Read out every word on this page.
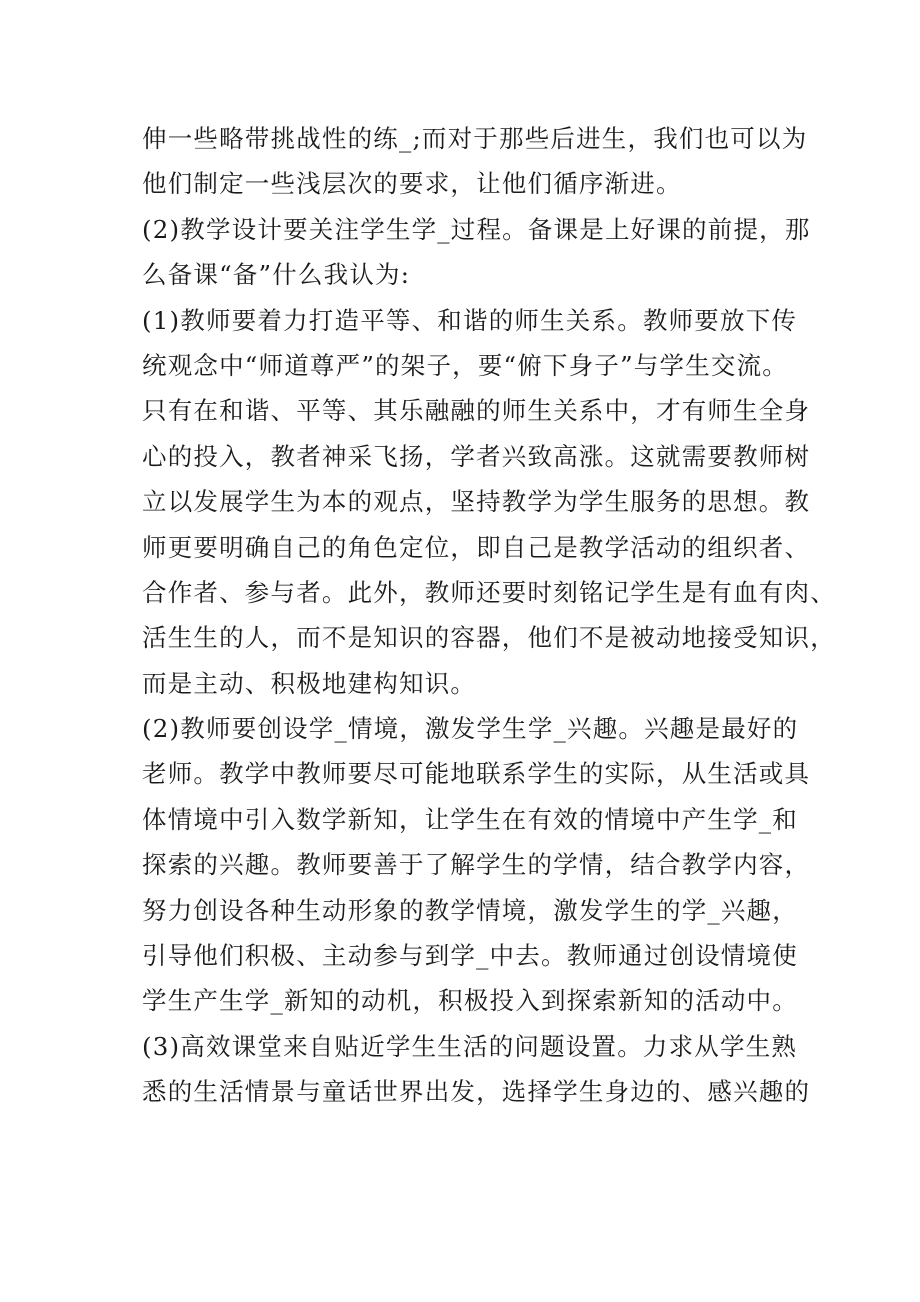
伸一些略带挑战性的练_;而对于那些后进生，我们也可以为
他们制定一些浅层次的要求，让他们循序渐进。
(2)教学设计要关注学生学_过程。备课是上好课的前提，那
么备课“备”什么我认为:
(1)教师要着力打造平等、和谐的师生关系。教师要放下传
统观念中“师道尊严”的架子，要“俯下身子”与学生交流。
只有在和谐、平等、其乐融融的师生关系中，才有师生全身
心的投入，教者神采飞扬，学者兴致高涨。这就需要教师树
立以发展学生为本的观点，坚持教学为学生服务的思想。教
师更要明确自己的角色定位，即自己是教学活动的组织者、
合作者、参与者。此外，教师还要时刻铭记学生是有血有肉、
活生生的人，而不是知识的容器，他们不是被动地接受知识，
而是主动、积极地建构知识。
(2)教师要创设学_情境，激发学生学_兴趣。兴趣是最好的
老师。教学中教师要尽可能地联系学生的实际，从生活或具
体情境中引入数学新知，让学生在有效的情境中产生学_和
探索的兴趣。教师要善于了解学生的学情，结合教学内容，
努力创设各种生动形象的教学情境，激发学生的学_兴趣，
引导他们积极、主动参与到学_中去。教师通过创设情境使
学生产生学_新知的动机，积极投入到探索新知的活动中。
(3)高效课堂来自贴近学生生活的问题设置。力求从学生熟
悉的生活情景与童话世界出发，选择学生身边的、感兴趣的
